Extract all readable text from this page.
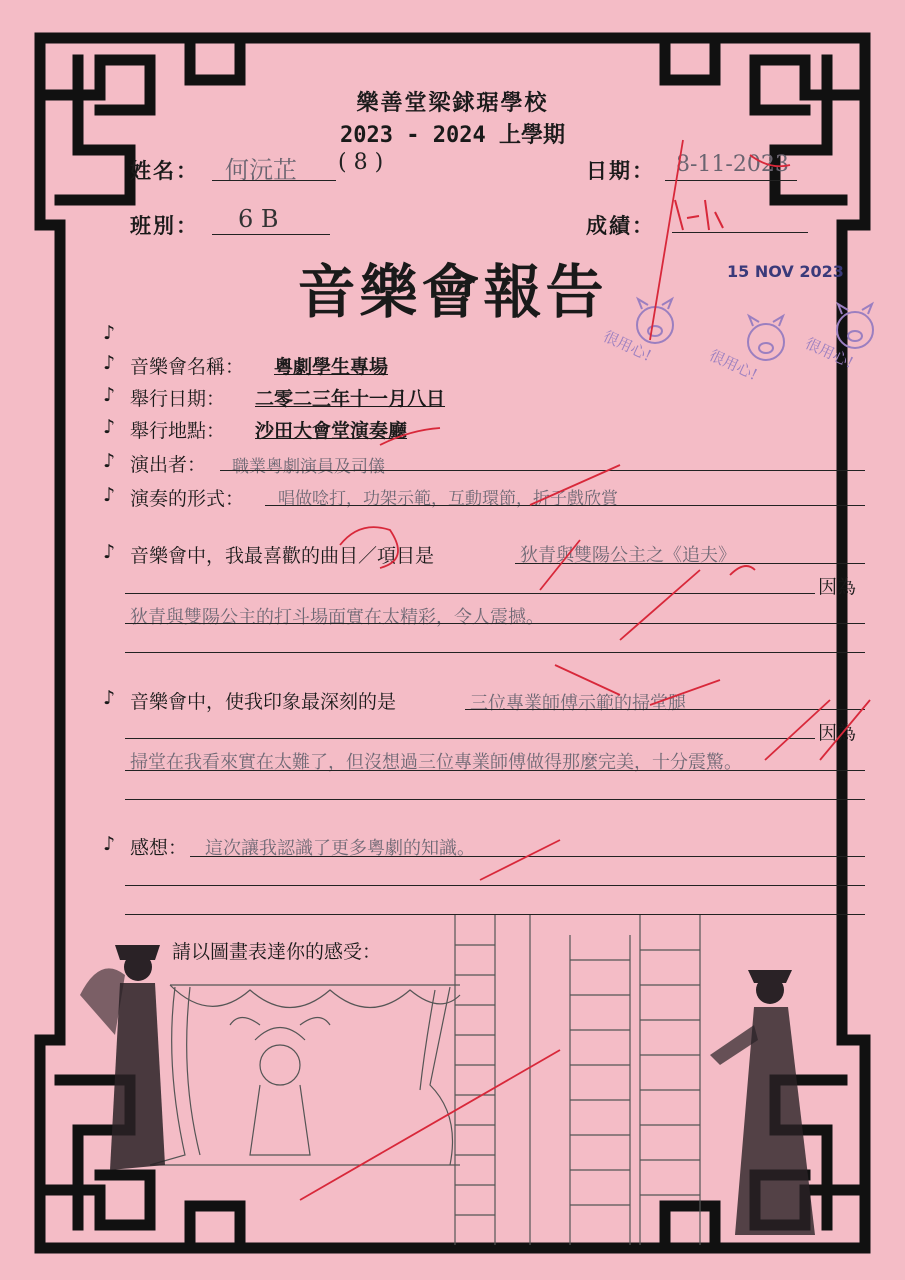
樂善堂梁銶琚學校
2023 - 2024 上學期
姓名： 何沅芷 ( 8 )	日期： 8-11-2023
班別： 6 B	成績：
音樂會報告	15 NOV 2023
很用心!
很用心!	很用心!
♪
♪ 音樂會名稱： 粵劇學生專場
♪ 舉行日期： 二零二三年十一月八日
♪ 舉行地點： 沙田大會堂演奏廳
♪ 演出者： 職業粵劇演員及司儀
♪ 演奏的形式： 唱做唸打，功架示範，互動環節，折子戲欣賞
♪ 音樂會中，我最喜歡的曲目／項目是	狄青與雙陽公主之《追夫》
因為
狄青與雙陽公主的打斗場面實在太精彩，令人震撼。
♪ 音樂會中，使我印象最深刻的是	三位專業師傅示範的掃堂腿
因為
掃堂在我看來實在太難了，但沒想過三位專業師傅做得那麼完美，十分震驚。
♪ 感想： 這次讓我認識了更多粵劇的知識。
請以圖畫表達你的感受：
